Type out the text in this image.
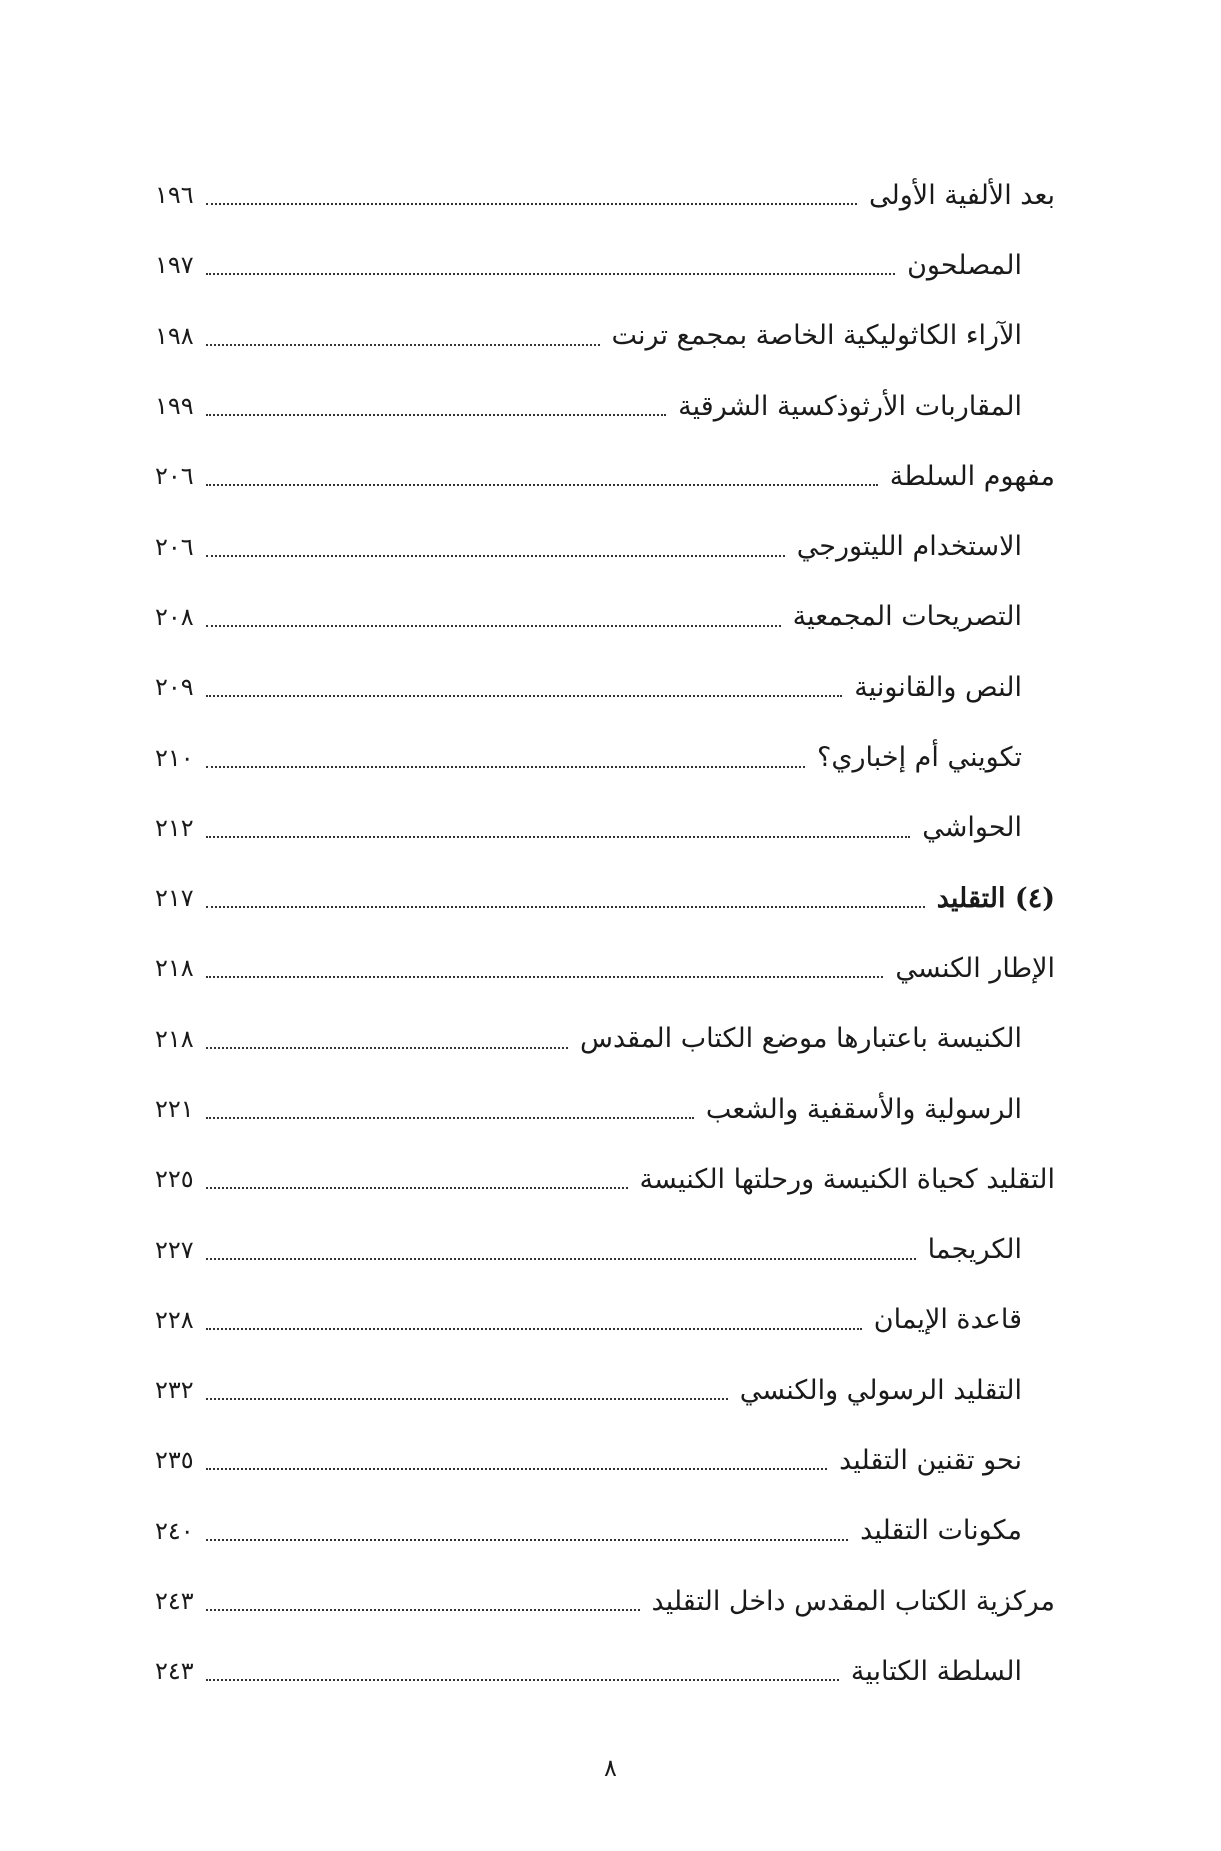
بعد الألفية الأولى
١٩٦
المصلحون
١٩٧
الآراء الكاثوليكية الخاصة بمجمع ترنت
١٩٨
المقاربات الأرثوذكسية الشرقية
١٩٩
مفهوم السلطة
٢٠٦
الاستخدام الليتورجي
٢٠٦
التصريحات المجمعية
٢٠٨
النص والقانونية
٢٠٩
تكويني أم إخباري؟
٢١٠
الحواشي
٢١٢
(٤) التقليد
٢١٧
الإطار الكنسي
٢١٨
الكنيسة باعتبارها موضع الكتاب المقدس
٢١٨
الرسولية والأسقفية والشعب
٢٢١
التقليد كحياة الكنيسة ورحلتها الكنيسة
٢٢٥
الكريجما
٢٢٧
قاعدة الإيمان
٢٢٨
التقليد الرسولي والكنسي
٢٣٢
نحو تقنين التقليد
٢٣٥
مكونات التقليد
٢٤٠
مركزية الكتاب المقدس داخل التقليد
٢٤٣
السلطة الكتابية
٢٤٣
٨
